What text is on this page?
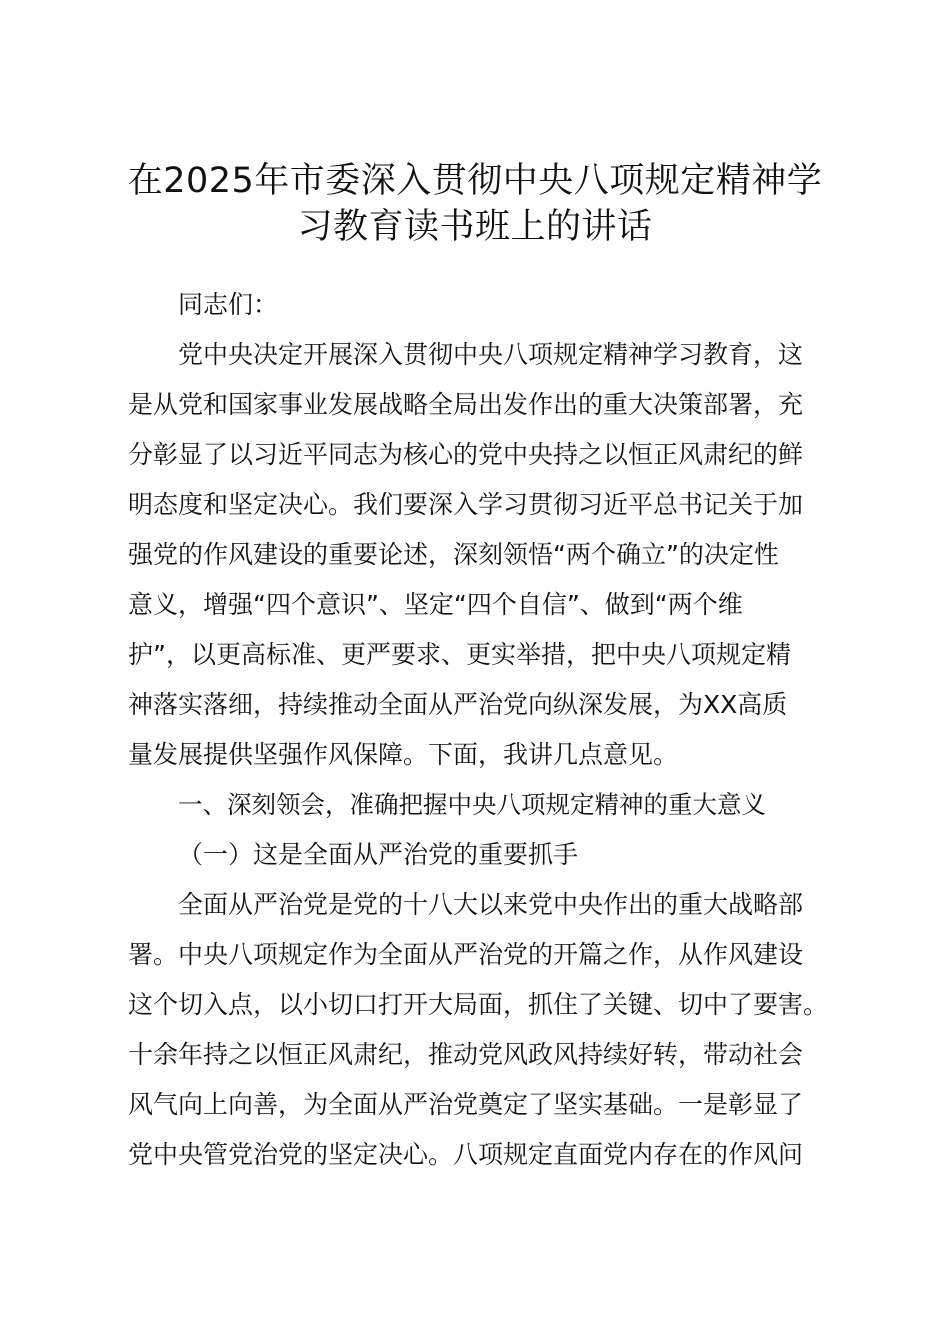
在2025年市委深入贯彻中央八项规定精神学习教育读书班上的讲话

同志们：

党中央决定开展深入贯彻中央八项规定精神学习教育，这

是从党和国家事业发展战略全局出发作出的重大决策部署，充

分彰显了以习近平同志为核心的党中央持之以恒正风肃纪的鲜

明态度和坚定决心。我们要深入学习贯彻习近平总书记关于加

强党的作风建设的重要论述，深刻领悟“两个确立”的决定性

意义，增强“四个意识”、坚定“四个自信”、做到“两个维

护”，以更高标准、更严要求、更实举措，把中央八项规定精

神落实落细，持续推动全面从严治党向纵深发展，为XX高质

量发展提供坚强作风保障。下面，我讲几点意见。

一、深刻领会，准确把握中央八项规定精神的重大意义

（一）这是全面从严治党的重要抓手

全面从严治党是党的十八大以来党中央作出的重大战略部

署。中央八项规定作为全面从严治党的开篇之作，从作风建设

这个切入点，以小切口打开大局面，抓住了关键、切中了要害。

十余年持之以恒正风肃纪，推动党风政风持续好转，带动社会

风气向上向善，为全面从严治党奠定了坚实基础。一是彰显了

党中央管党治党的坚定决心。八项规定直面党内存在的作风问
